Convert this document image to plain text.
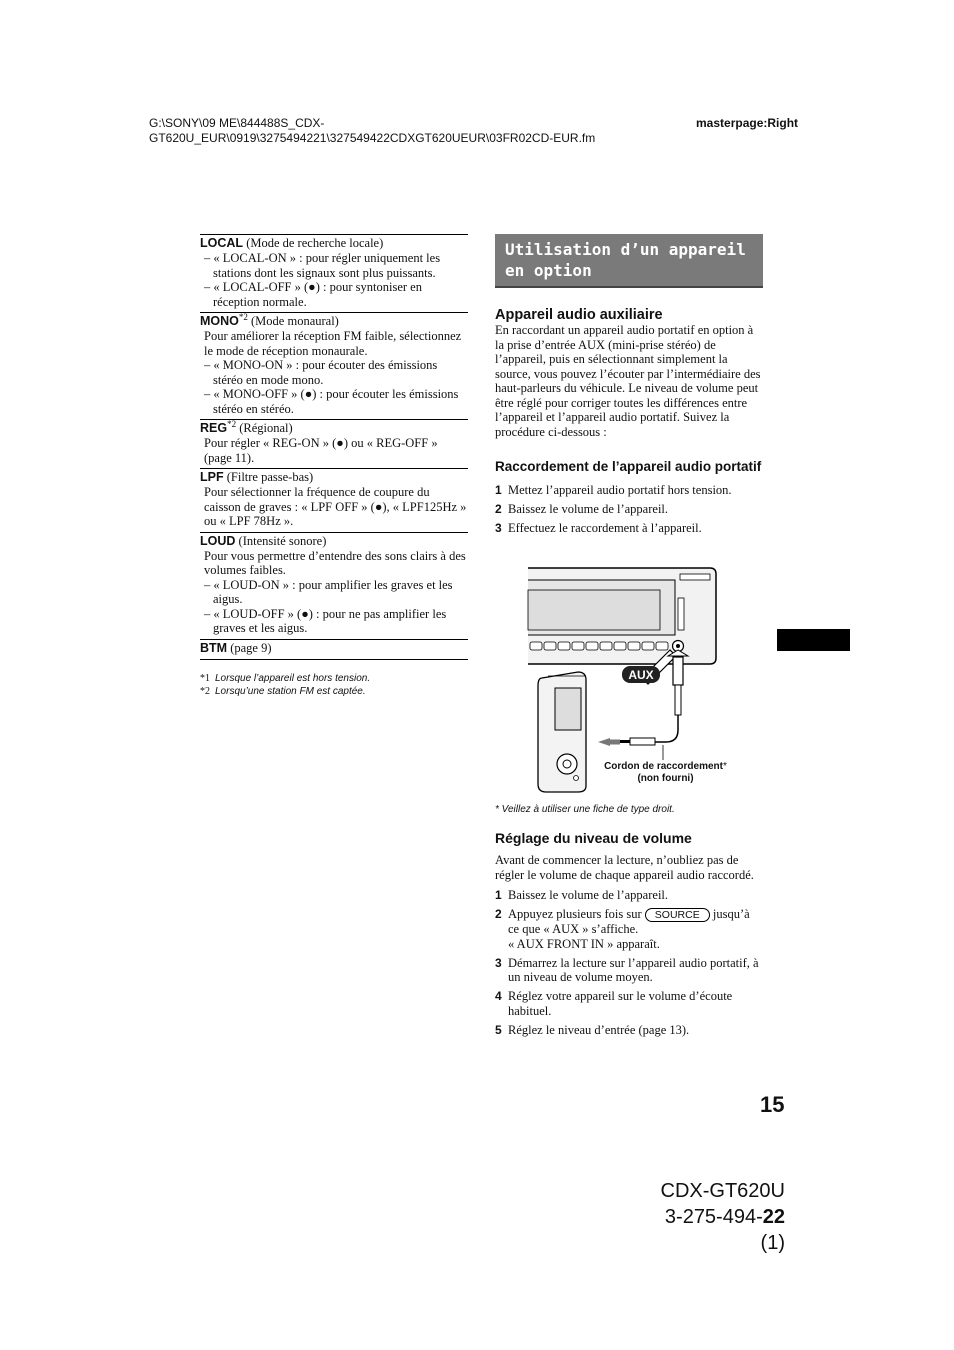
G:\SONY\09 ME\844488S_CDX-
GT620U_EUR\0919\3275494221\327549422CDXGT620UEUR\03FR02CD-EUR.fm
masterpage:Right
LOCAL (Mode de recherche locale)
– « LOCAL-ON » : pour régler uniquement les stations dont les signaux sont plus puissants.
– « LOCAL-OFF » (●) : pour syntoniser en réception normale.
MONO$^{*2}$ (Mode monaural)
Pour améliorer la réception FM faible, sélectionnez le mode de réception monaurale.
– « MONO-ON » : pour écouter des émissions stéréo en mode mono.
– « MONO-OFF » (●) : pour écouter les émissions stéréo en stéréo.
REG$^{*2}$ (Régional)
Pour régler « REG-ON » (●) ou « REG-OFF » (page 11).
LPF (Filtre passe-bas)
Pour sélectionner la fréquence de coupure du caisson de graves : « LPF OFF » (●), « LPF125Hz » ou « LPF 78Hz ».
LOUD (Intensité sonore)
Pour vous permettre d’entendre des sons clairs à des volumes faibles.
– « LOUD-ON » : pour amplifier les graves et les aigus.
– « LOUD-OFF » (●) : pour ne pas amplifier les graves et les aigus.
BTM (page 9)
*1 Lorsque l’appareil est hors tension.
*2 Lorsqu’une station FM est captée.
Utilisation d’un appareil en option
Appareil audio auxiliaire
En raccordant un appareil audio portatif en option à la prise d’entrée AUX (mini-prise stéréo) de l’appareil, puis en sélectionnant simplement la source, vous pouvez l’écouter par l’intermédiaire des haut-parleurs du véhicule. Le niveau de volume peut être réglé pour corriger toutes les différences entre l’appareil et l’appareil audio portatif. Suivez la procédure ci-dessous :
Raccordement de l’appareil audio portatif
1 Mettez l’appareil audio portatif hors tension.
2 Baissez le volume de l’appareil.
3 Effectuez le raccordement à l’appareil.
AUX
Cordon de raccordement*
(non fourni)
* Veillez à utiliser une fiche de type droit.
Réglage du niveau de volume
Avant de commencer la lecture, n’oubliez pas de régler le volume de chaque appareil audio raccordé.
1 Baissez le volume de l’appareil.
2 Appuyez plusieurs fois sur SOURCE jusqu’à ce que « AUX » s’affiche.
« AUX FRONT IN » apparaît.
3 Démarrez la lecture sur l’appareil audio portatif, à un niveau de volume moyen.
4 Réglez votre appareil sur le volume d’écoute habituel.
5 Réglez le niveau d’entrée (page 13).
15
CDX-GT620U
3-275-494-22 (1)
